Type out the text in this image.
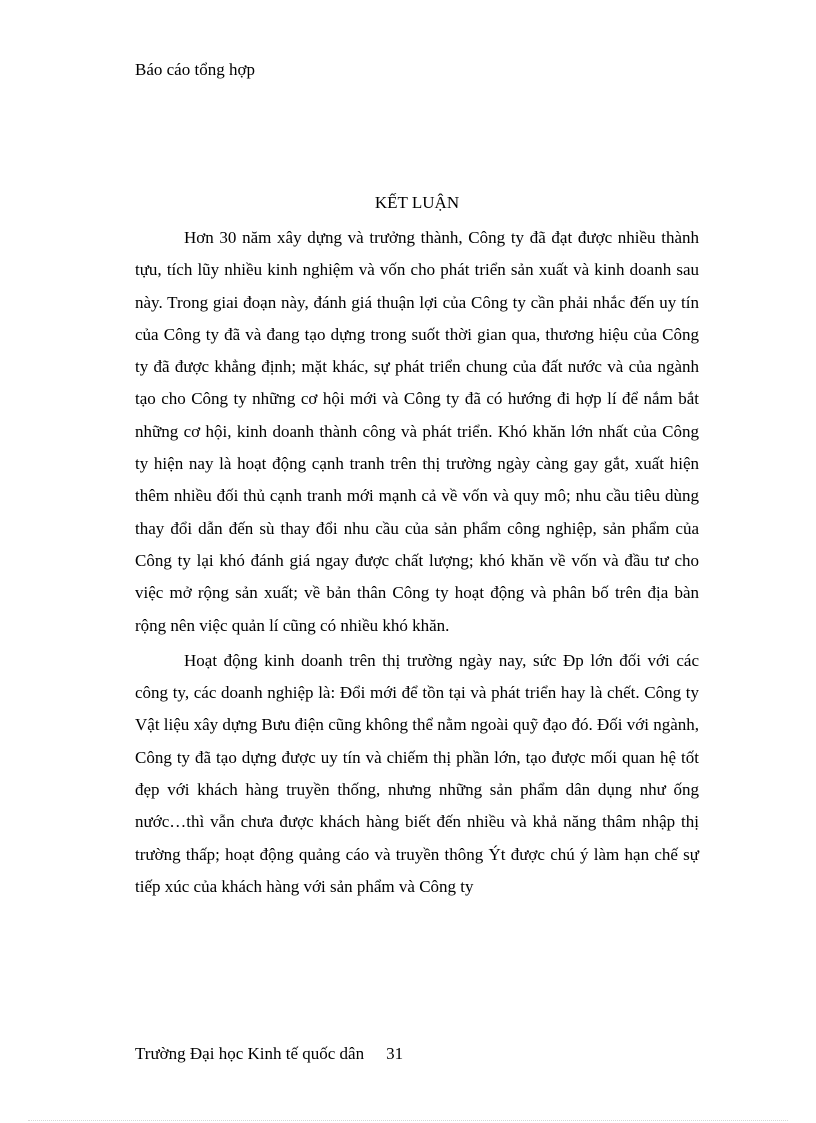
Báo cáo tổng hợp
KẾT LUẬN

Hơn 30 năm xây dựng và trưởng thành, Công ty đã đạt được nhiều thành tựu, tích lũy nhiều kinh nghiệm và vốn cho phát triển sản xuất và kinh doanh sau này. Trong giai đoạn này, đánh giá thuận lợi của Công ty cần phải nhắc đến uy tín của Công ty đã và đang tạo dựng trong suốt thời gian qua, thương hiệu của Công ty đã được khẳng định; mặt khác, sự phát triển chung của đất nước và của ngành tạo cho Công ty những cơ hội mới và Công ty đã có hướng đi hợp lí để nắm bắt những cơ hội, kinh doanh thành công và phát triển. Khó khăn lớn nhất của Công ty hiện nay là hoạt động cạnh tranh trên thị trường ngày càng gay gắt, xuất hiện thêm nhiều đối thủ cạnh tranh mới mạnh cả về vốn và quy mô; nhu cầu tiêu dùng thay đổi dẫn đến sù thay đổi nhu cầu của sản phẩm công nghiệp, sản phẩm của Công ty lại khó đánh giá ngay được chất lượng; khó khăn về vốn và đầu tư cho việc mở rộng sản xuất; về bản thân Công ty hoạt động và phân bố trên địa bàn rộng nên việc quản lí cũng có nhiều khó khăn.

Hoạt động kinh doanh trên thị trường ngày nay, sức Đp lớn đối với các công ty, các doanh nghiệp là: Đổi mới để tồn tại và phát triển hay là chết. Công ty Vật liệu xây dựng Bưu điện cũng không thể nằm ngoài quỹ đạo đó. Đối với ngành, Công ty đã tạo dựng được uy tín và chiếm thị phần lớn, tạo được mối quan hệ tốt đẹp với khách hàng truyền thống, nhưng những sản phẩm dân dụng như ống nước…thì vẫn chưa được khách hàng biết đến nhiều và khả năng thâm nhập thị trường thấp; hoạt động quảng cáo và truyền thông Ýt được chú ý làm hạn chế sự tiếp xúc của khách hàng với sản phẩm và Công ty

Trường Đại học Kinh tế quốc dân 31
